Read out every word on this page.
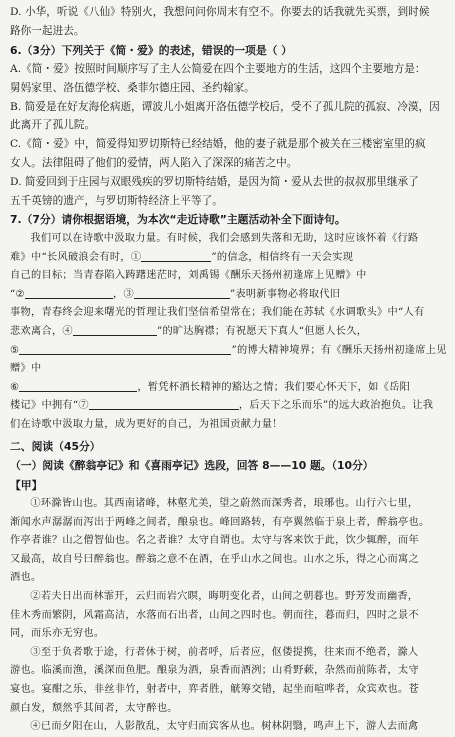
D. 小华，听说《八仙》特别火，我想问问你周末有空不。你要去的话我就先买票，到时候

路你一起进去。

6.（3分）下列关于《简・爱》的表述，错误的一项是（ ）

A.《简・爱》按照时间顺序写了主人公简爱在四个主要地方的生活，这四个主要地方是：

舅妈家里、洛伍德学校、桑菲尔德庄园、圣约翰家。

B. 简爱是在好友海伦病逝，谭波儿小姐离开洛伍德学校后，受不了孤儿院的孤寂、冷漠，因

此离开了孤儿院。

C.《简・爱》中，简爱得知罗切斯特已经结婚，他的妻子就是那个被关在三楼密室里的疯

女人。法律阻碍了他们的爱情，两人陷入了深深的痛苦之中。

D. 简爱回到于庄园与双眼残疾的罗切斯特结婚，是因为简・爱从去世的叔叔那里继承了

五千英镑的遗产，与罗切斯特经济上平等了。

7.（7分）请你根据语境，为本次“走近诗歌”主题活动补全下面诗句。

我们可以在诗歌中汲取力量。有时候，我们会感到失落和无助，这时应该怀着《行路

难》中“长风破浪会有时，①	”的信念，相信终有一天会实现

自己的目标；当青春陷入踌躇迷茫时，刘禹锡《酬乐天扬州初逢席上见赠》中

“②	，③	”表明新事物必将取代旧

事物，青春终会迎来曙光的哲理让我们坚信希望常在；我们能在苏轼《水调歌头》中“人有

悲欢离合，④	”的旷达胸襟；有祝愿天下真人“但愿人长久，

⑤	”的博大精神境界；有《酬乐天扬州初逢席上见赠》中

⑥	，暂凭杯酒长精神的豁达之情；我们要心怀天下，如《岳阳

楼记》中拥有“⑦	，后天下之乐而乐”的远大政治抱负。让我

们在诗歌中汲取力量，成为更好的自己，为祖国贡献力量！

二、阅读（45分）

（一）阅读《醉翁亭记》和《喜雨亭记》选段，回答 8——10 题。（10分）

【甲】

①环滁皆山也。其西南诸峰，林壑尤美，望之蔚然而深秀者，琅琊也。山行六七里，

渐闻水声潺潺而泻出于两峰之间者，酿泉也。峰回路转，有亭翼然临于泉上者，醉翁亭也。

作亭者谁？山之僧智仙也。名之者谁？太守自谓也。太守与客来饮于此，饮少辄醉，而年

又最高，故自号曰醉翁也。醉翁之意不在酒，在乎山水之间也。山水之乐，得之心而寓之

酒也。

②若夫日出而林霏开，云归而岩穴暝，晦明变化者，山间之朝暮也。野芳发而幽香，

佳木秀而繁阴，风霜高洁，水落而石出者，山间之四时也。朝而往，暮而归，四时之景不

同，而乐亦无穷也。

③至于负者歌于途，行者休于树，前者呼，后者应，伛偻提携，往来而不绝者，滁人

游也。临溪而渔，溪深而鱼肥。酿泉为酒，泉香而酒洌；山肴野蔌，杂然而前陈者，太守

宴也。宴酣之乐，非丝非竹，射者中，弈者胜，觥筹交错，起坐而喧哗者，众宾欢也。苍

颜白发，颓然乎其间者，太守醉也。

④已而夕阳在山，人影散乱，太守归而宾客从也。树林阴翳，鸣声上下，游人去而禽
